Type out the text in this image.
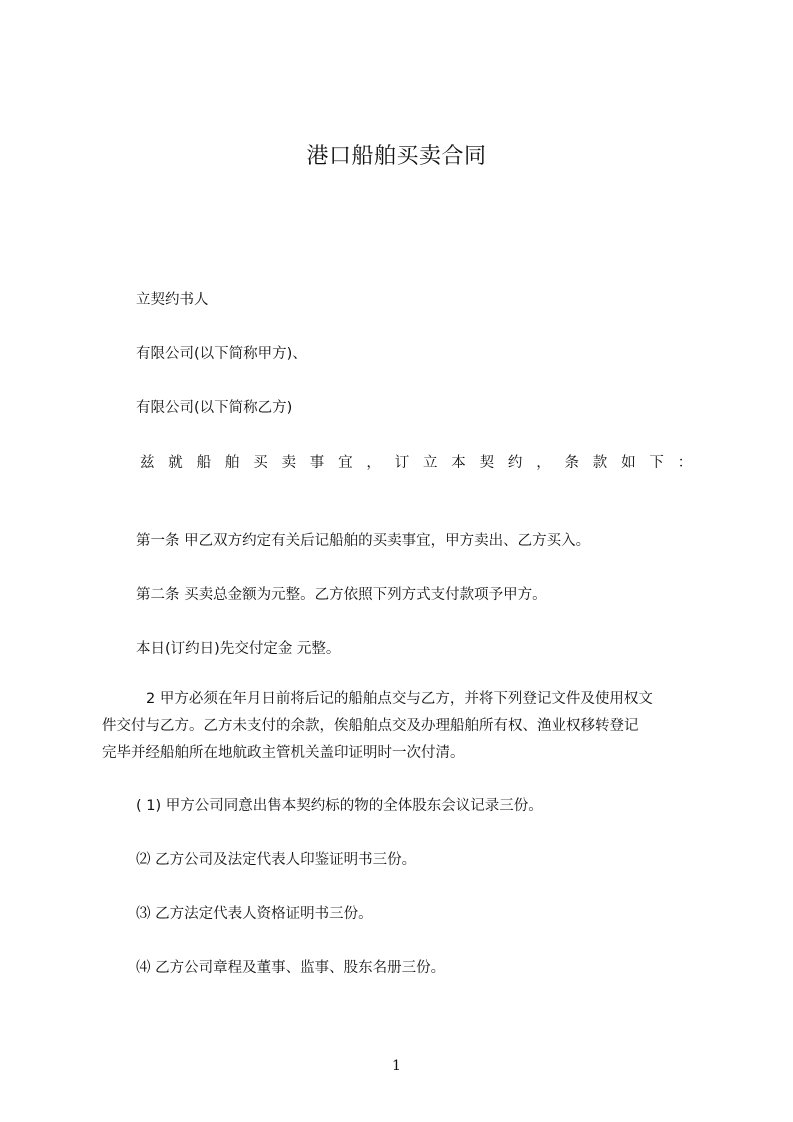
港口船舶买卖合同
立契约书人
有限公司(以下简称甲方)、
有限公司(以下简称乙方)
兹就船舶买卖事宜，订立本契约，条款如下：
第一条 甲乙双方约定有关后记船舶的买卖事宜，甲方卖出、乙方买入。
第二条 买卖总金额为元整。乙方依照下列方式支付款项予甲方。
本日(订约日)先交付定金 元整。
2 甲方必须在年月日前将后记的船舶点交与乙方，并将下列登记文件及使用权文
件交付与乙方。乙方未支付的余款，俟船舶点交及办理船舶所有权、渔业权移转登记
完毕并经船舶所在地航政主管机关盖印证明时一次付清。
( 1) 甲方公司同意出售本契约标的物的全体股东会议记录三份。
⑵ 乙方公司及法定代表人印鉴证明书三份。
⑶ 乙方法定代表人资格证明书三份。
⑷ 乙方公司章程及董事、监事、股东名册三份。
1
